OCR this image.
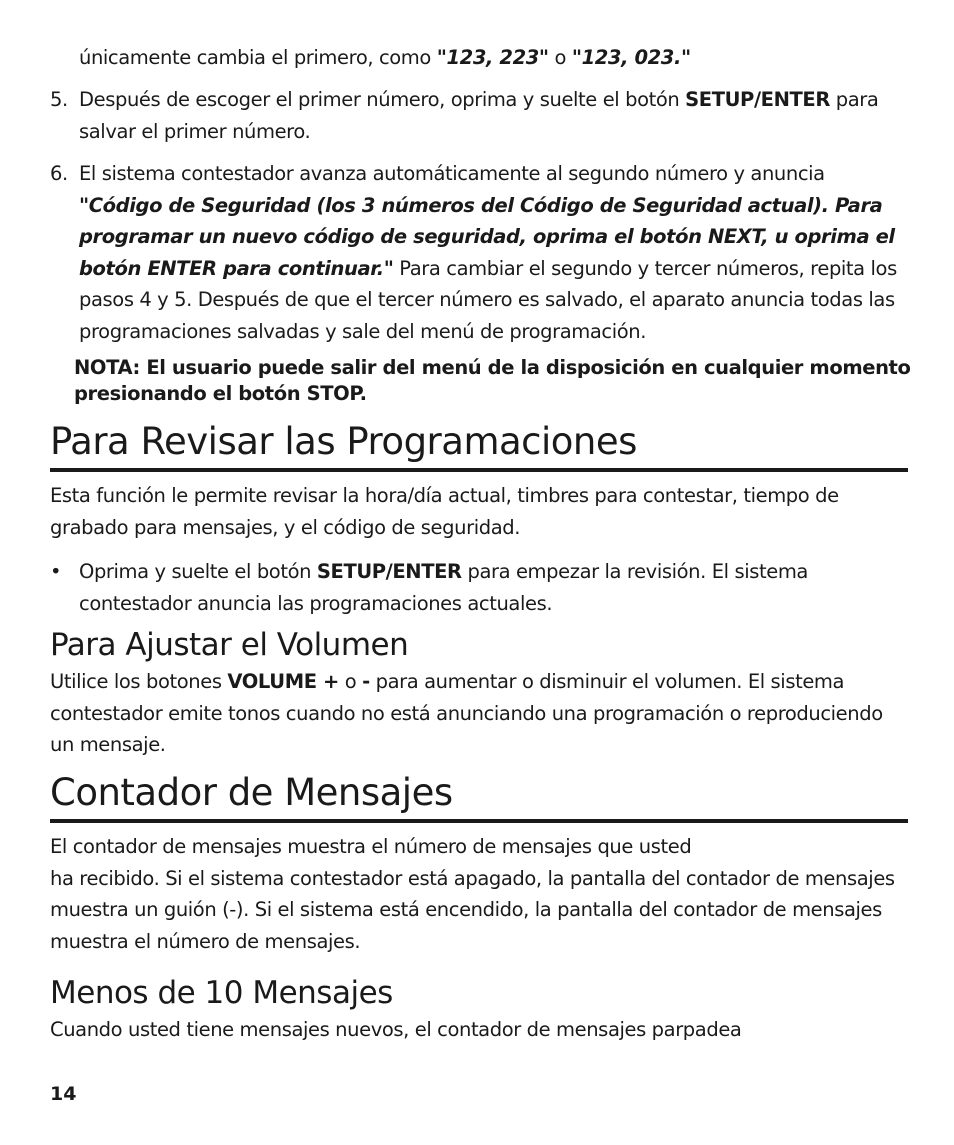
únicamente cambia el primero, como "123, 223" o "123, 023."
5. Después de escoger el primer número, oprima y suelte el botón SETUP/ENTER para salvar el primer número.
6. El sistema contestador avanza automáticamente al segundo número y anuncia "Código de Seguridad (los 3 números del Código de Seguridad actual). Para programar un nuevo código de seguridad, oprima el botón NEXT, u oprima el botón ENTER para continuar." Para cambiar el segundo y tercer números, repita los pasos 4 y 5. Después de que el tercer número es salvado, el aparato anuncia todas las programaciones salvadas y sale del menú de programación.
NOTA: El usuario puede salir del menú de la disposición en cualquier momento presionando el botón STOP.
Para Revisar las Programaciones
Esta función le permite revisar la hora/día actual, timbres para contestar, tiempo de grabado para mensajes, y el código de seguridad.
• Oprima y suelte el botón SETUP/ENTER para empezar la revisión. El sistema contestador anuncia las programaciones actuales.
Para Ajustar el Volumen
Utilice los botones VOLUME + o - para aumentar o disminuir el volumen. El sistema contestador emite tonos cuando no está anunciando una programación o reproduciendo un mensaje.
Contador de Mensajes
El contador de mensajes muestra el número de mensajes que usted
ha recibido. Si el sistema contestador está apagado, la pantalla del contador de mensajes muestra un guión (-). Si el sistema está encendido, la pantalla del contador de mensajes muestra el número de mensajes.
Menos de 10 Mensajes
Cuando usted tiene mensajes nuevos, el contador de mensajes parpadea
14
